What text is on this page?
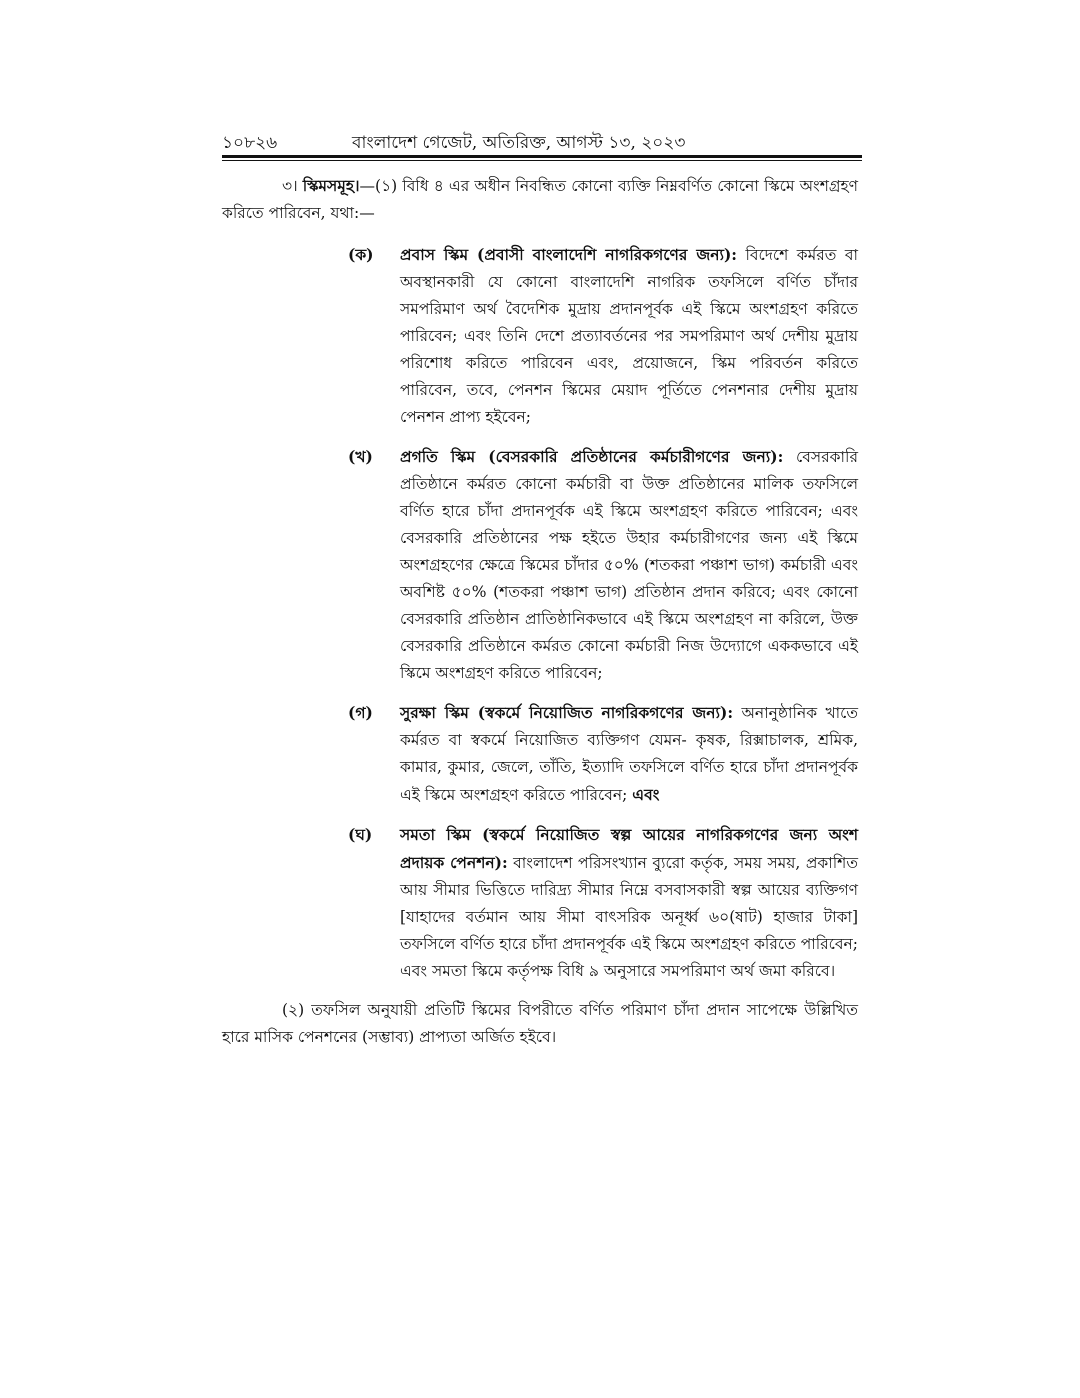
১০৮২৬	বাংলাদেশ গেজেট, অতিরিক্ত, আগস্ট ১৩, ২০২৩

৩। স্কিমসমূহ।—(১) বিধি ৪ এর অধীন নিবন্ধিত কোনো ব্যক্তি নিম্নবর্ণিত কোনো স্কিমে অংশগ্রহণ করিতে পারিবেন, যথা:—

(ক)	প্রবাস স্কিম (প্রবাসী বাংলাদেশি নাগরিকগণের জন্য): বিদেশে কর্মরত বা অবস্থানকারী যে কোনো বাংলাদেশি নাগরিক তফসিলে বর্ণিত চাঁদার সমপরিমাণ অর্থ বৈদেশিক মুদ্রায় প্রদানপূর্বক এই স্কিমে অংশগ্রহণ করিতে পারিবেন; এবং তিনি দেশে প্রত্যাবর্তনের পর সমপরিমাণ অর্থ দেশীয় মুদ্রায় পরিশোধ করিতে পারিবেন এবং, প্রয়োজনে, স্কিম পরিবর্তন করিতে পারিবেন, তবে, পেনশন স্কিমের মেয়াদ পূর্তিতে পেনশনার দেশীয় মুদ্রায় পেনশন প্রাপ্য হইবেন;
(খ)	প্রগতি স্কিম (বেসরকারি প্রতিষ্ঠানের কর্মচারীগণের জন্য): বেসরকারি প্রতিষ্ঠানে কর্মরত কোনো কর্মচারী বা উক্ত প্রতিষ্ঠানের মালিক তফসিলে বর্ণিত হারে চাঁদা প্রদানপূর্বক এই স্কিমে অংশগ্রহণ করিতে পারিবেন; এবং বেসরকারি প্রতিষ্ঠানের পক্ষ হইতে উহার কর্মচারীগণের জন্য এই স্কিমে অংশগ্রহণের ক্ষেত্রে স্কিমের চাঁদার ৫০% (শতকরা পঞ্চাশ ভাগ) কর্মচারী এবং অবশিষ্ট ৫০% (শতকরা পঞ্চাশ ভাগ) প্রতিষ্ঠান প্রদান করিবে; এবং কোনো বেসরকারি প্রতিষ্ঠান প্রাতিষ্ঠানিকভাবে এই স্কিমে অংশগ্রহণ না করিলে, উক্ত বেসরকারি প্রতিষ্ঠানে কর্মরত কোনো কর্মচারী নিজ উদ্যোগে এককভাবে এই স্কিমে অংশগ্রহণ করিতে পারিবেন;
(গ)	সুরক্ষা স্কিম (স্বকর্মে নিয়োজিত নাগরিকগণের জন্য): অনানুষ্ঠানিক খাতে কর্মরত বা স্বকর্মে নিয়োজিত ব্যক্তিগণ যেমন- কৃষক, রিক্সাচালক, শ্রমিক, কামার, কুমার, জেলে, তাঁতি, ইত্যাদি তফসিলে বর্ণিত হারে চাঁদা প্রদানপূর্বক এই স্কিমে অংশগ্রহণ করিতে পারিবেন; এবং
(ঘ)	সমতা স্কিম (স্বকর্মে নিয়োজিত স্বল্প আয়ের নাগরিকগণের জন্য অংশ প্রদায়ক পেনশন): বাংলাদেশ পরিসংখ্যান ব্যুরো কর্তৃক, সময় সময়, প্রকাশিত আয় সীমার ভিত্তিতে দারিদ্র্য সীমার নিম্নে বসবাসকারী স্বল্প আয়ের ব্যক্তিগণ [যাহাদের বর্তমান আয় সীমা বাৎসরিক অনূর্ধ্ব ৬০(ষাট) হাজার টাকা] তফসিলে বর্ণিত হারে চাঁদা প্রদানপূর্বক এই স্কিমে অংশগ্রহণ করিতে পারিবেন; এবং সমতা স্কিমে কর্তৃপক্ষ বিধি ৯ অনুসারে সমপরিমাণ অর্থ জমা করিবে।

(২) তফসিল অনুযায়ী প্রতিটি স্কিমের বিপরীতে বর্ণিত পরিমাণ চাঁদা প্রদান সাপেক্ষে উল্লিখিত হারে মাসিক পেনশনের (সম্ভাব্য) প্রাপ্যতা অর্জিত হইবে।
